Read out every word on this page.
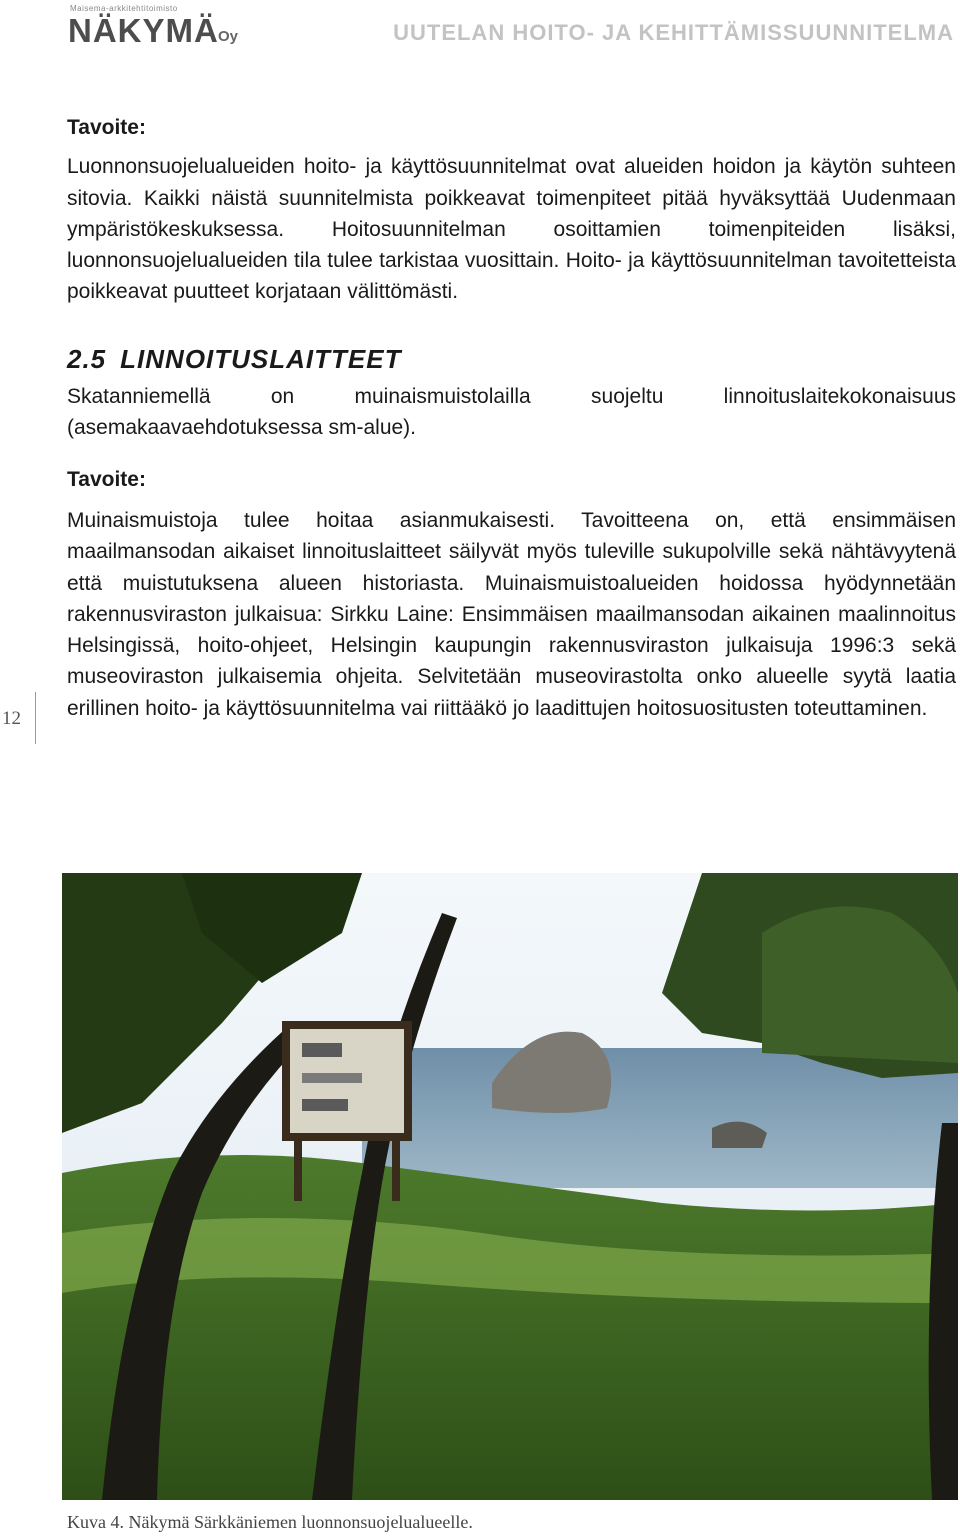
Maisema-arkkitehtitoimisto
NÄKYMÄ Oy	UUTELAN HOITO- JA KEHITTÄMISSUUNNITELMA
12
Tavoite:

Luonnonsuojelualueiden hoito- ja käyttösuunnitelmat ovat alueiden hoidon ja käytön suhteen sitovia. Kaikki näistä suunnitelmista poikkeavat toimenpiteet pitää hyväksyttää Uudenmaan ympäristökeskuksessa. Hoitosuunnitelman osoittamien toimenpiteiden lisäksi, luonnonsuojelualueiden tila tulee tarkistaa vuosittain. Hoito- ja käyttösuunnitelman tavoitetteista poikkeavat puutteet korjataan välittömästi.

2.5 LINNOITUSLAITTEET

Skatanniemellä on muinaismuistolailla suojeltu linnoituslaitekokonaisuus (asemakaavaehdotuksessa sm-alue).

Tavoite:

Muinaismuistoja tulee hoitaa asianmukaisesti. Tavoitteena on, että ensimmäisen maailmansodan aikaiset linnoituslaitteet säilyvät myös tuleville sukupolville sekä nähtävyytenä että muistutuksena alueen historiasta. Muinaismuistoalueiden hoidossa hyödynnetään rakennusviraston julkaisua: Sirkku Laine: Ensimmäisen maailmansodan aikainen maalinnoitus Helsingissä, hoito-ohjeet, Helsingin kaupungin rakennusviraston julkaisuja 1996:3 sekä museoviraston julkaisemia ohjeita. Selvitetään museovirastolta onko alueelle syytä laatia erillinen hoito- ja käyttösuunnitelma vai riittääkö jo laadittujen hoitosuositusten toteuttaminen.

Kuva 4. Näkymä Särkkäniemen luonnonsuojelualueelle.
